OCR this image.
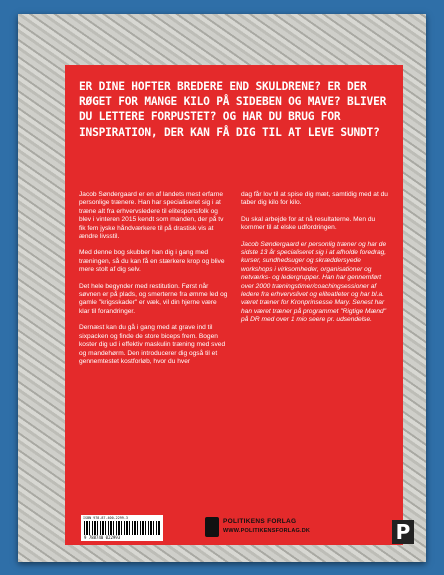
ER DINE HOFTER BREDERE END SKULDRENE? ER DER RØGET FOR MANGE KILO PÅ SIDEBEN OG MAVE? BLIVER DU LETTERE FORPUSTET? OG HAR DU BRUG FOR INSPIRATION, DER KAN FÅ DIG TIL AT LEVE SUNDT?

Jacob Søndergaard er en af landets mest erfarne personlige trænere. Han har specialiseret sig i at træne alt fra erhvervsledere til elitesportsfolk og blev i vinteren 2015 kendt som manden, der på tv fik fem jyske håndværkere til på drastisk vis at ændre livsstil.

Med denne bog skubber han dig i gang med træningen, så du kan få en stærkere krop og blive mere stolt af dig selv.

Det hele begynder med restitution. Først når søvnen er på plads, og smerterne fra ømme led og gamle "krigsskader" er væk, vil din hjerne være klar til forandringer.

Dernæst kan du gå i gang med at grave ind til sixpacken og finde de store biceps frem. Bogen koster dig ud i effektiv maskulin træning med sved og mandehørm. Den introducerer dig også til et gennemtestet kostforløb, hvor du hver

dag får lov til at spise dig mæt, samtidig med at du taber dig kilo for kilo.

Du skal arbejde for at nå resultaterne. Men du kommer til at elske udfordringen.

Jacob Søndergaard er personlig træner og har de sidste 13 år specialiseret sig i at afholde foredrag, kurser, sundhedsuger og skræddersyede workshops i virksomheder, organisationer og netværks- og ledergrupper. Han har gennemført over 2000 træningstimer/coachingsessioner af ledere fra erhvervslivet og eliteatleter og har bl.a. været træner for Kronprinsesse Mary. Senest har han været træner på programmet "Rigtige Mænd" på DR med over 1 mio seere pr. udsendelse.

ISBN 978-87-400-2299-3
9 788740 022993
POLITIKENS FORLAG
WWW.POLITIKENSFORLAG.DK	P
